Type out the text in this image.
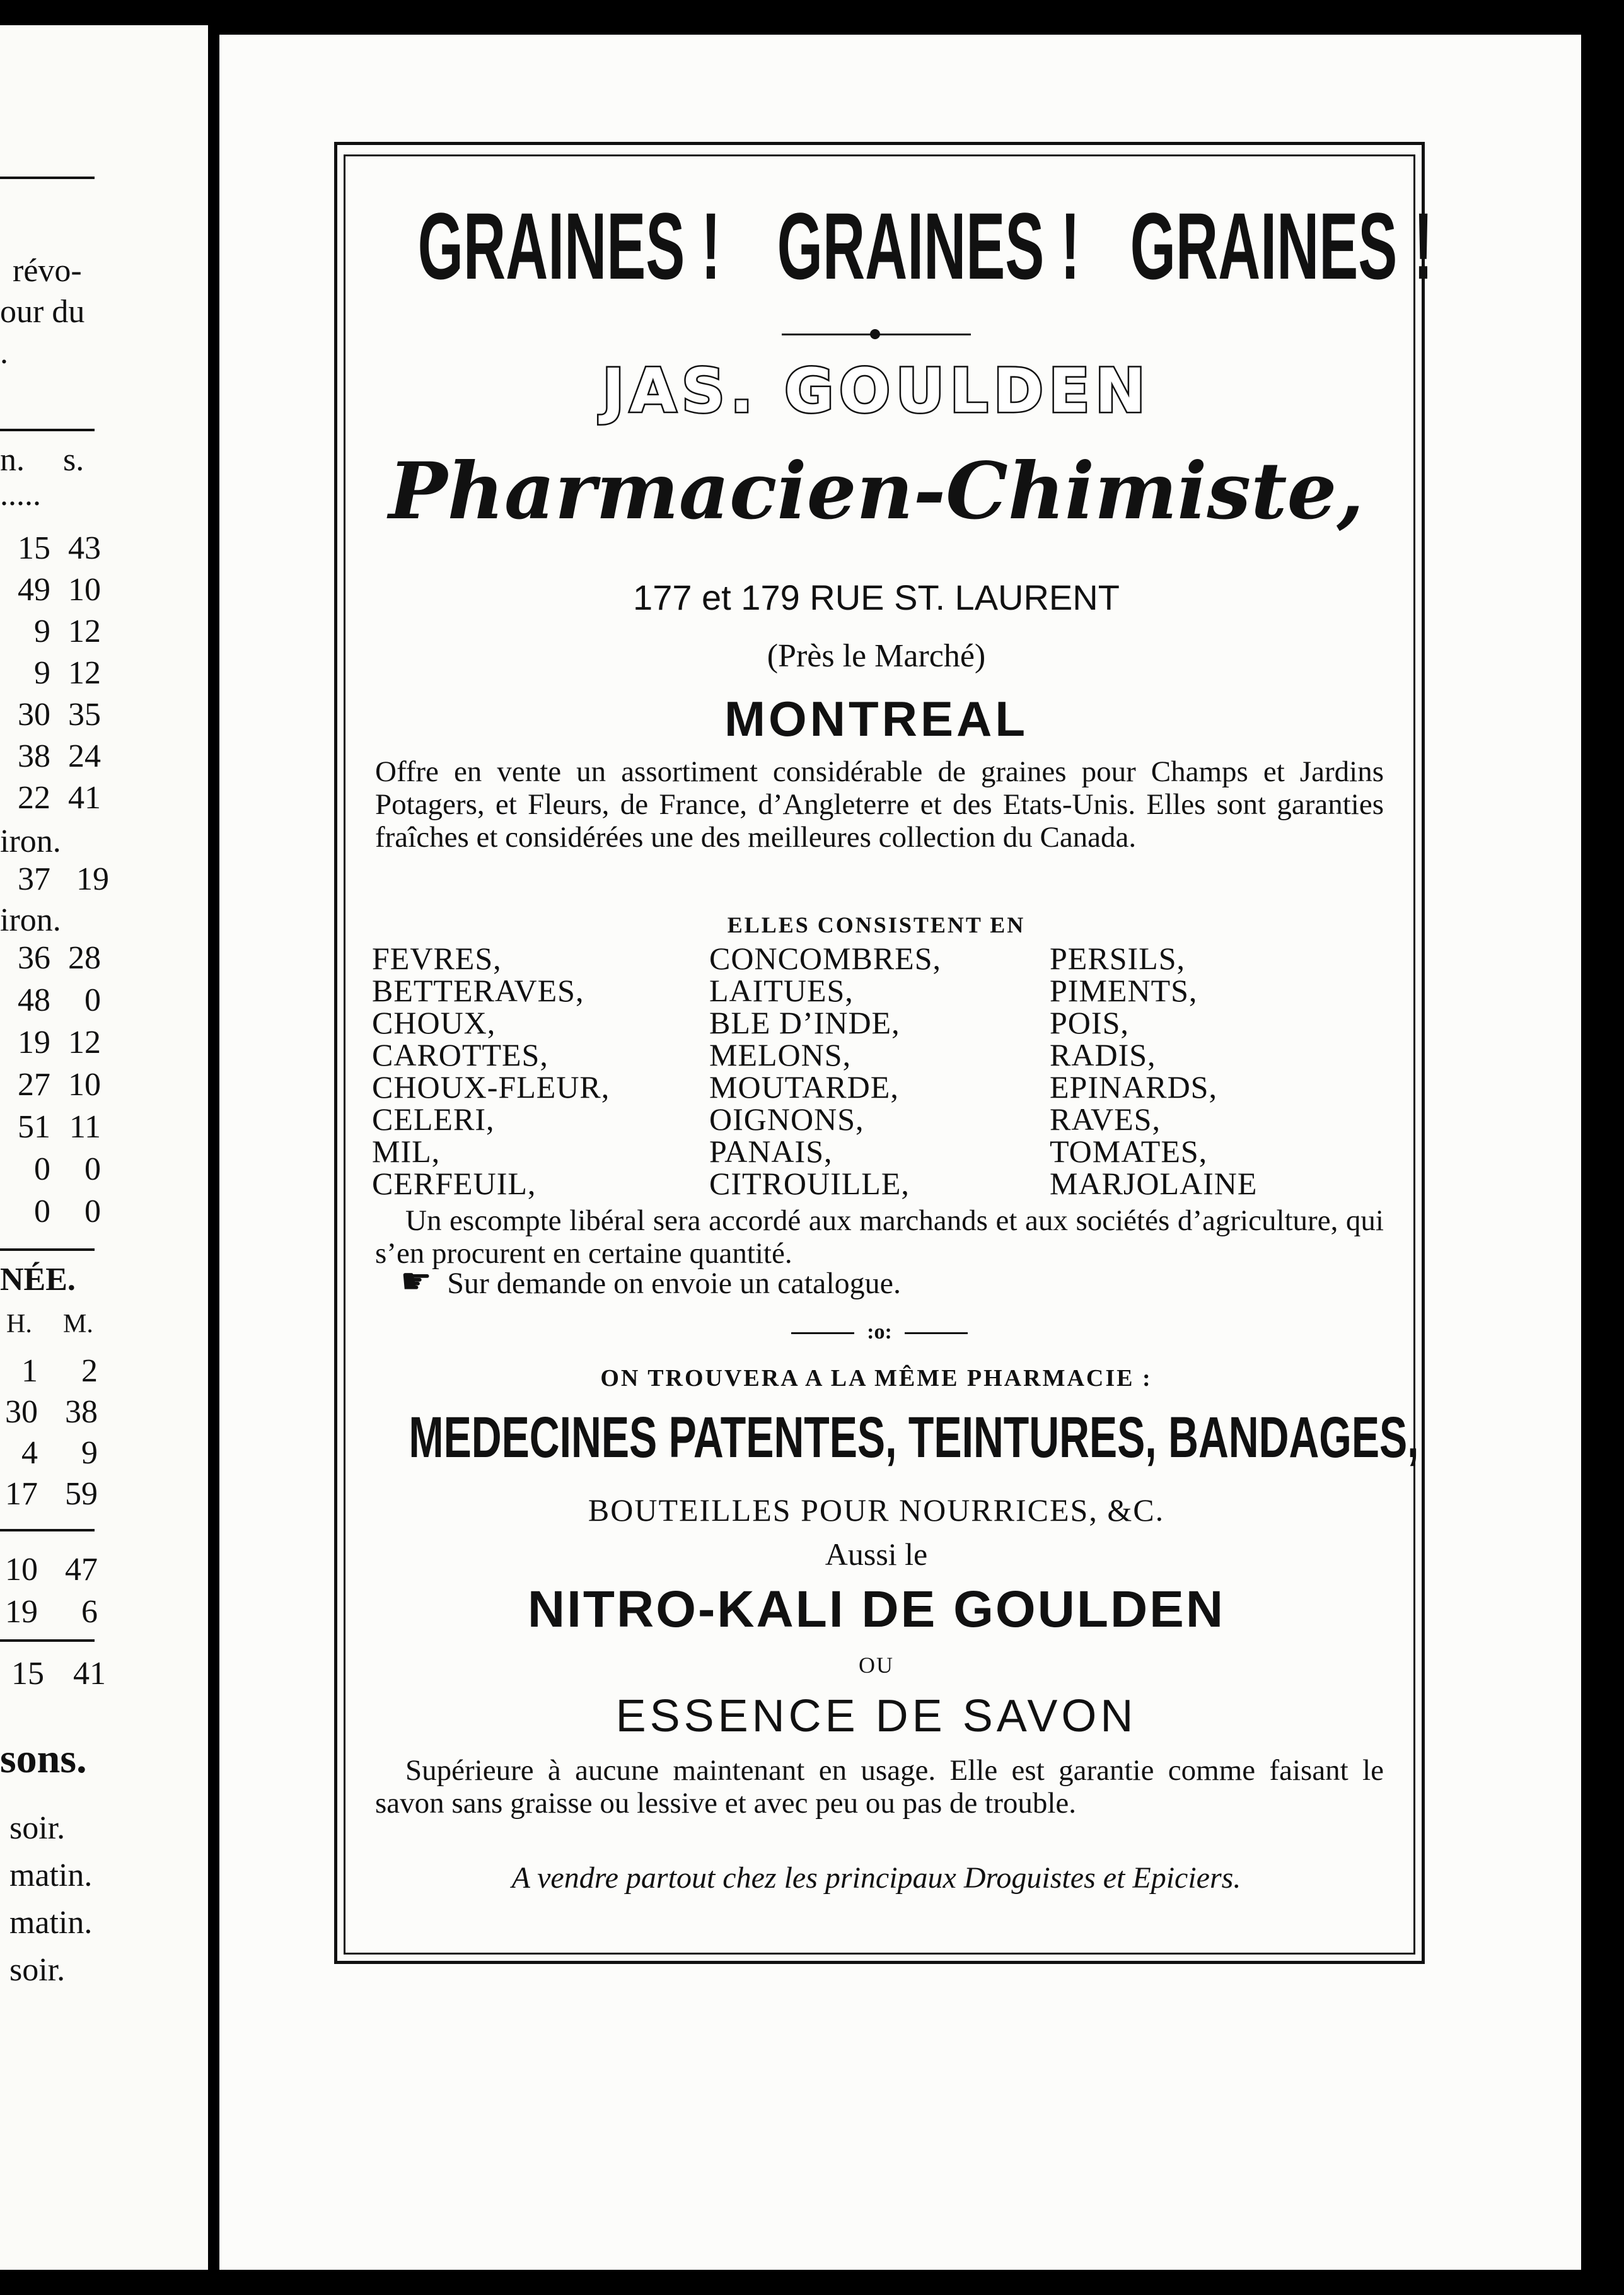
révo-
our du
.
n. s.
.....
15 43
49 10
9 12
9 12
30 35
38 24
22 41
iron.
37 19
iron.
36 28
48 0
19 12
27 10
51 11
0 0
0 0
NÉE.
H. M.
1 2
30 38
4 9
17 59
10 47
19 6
15 41
sons.
soir.
matin.
matin.
soir.
GRAINES ! GRAINES ! GRAINES !
JAS. GOULDEN
Pharmacien-Chimiste,
177 et 179 RUE ST. LAURENT
(Près le Marché)
MONTREAL
Offre en vente un assortiment considérable de graines pour Champs et Jardins Potagers, et Fleurs, de France, d’Angleterre et des Etats-Unis. Elles sont garanties fraîches et considérées une des meilleures collection du Canada.
ELLES CONSISTENT EN
FEVRES,
BETTERAVES,
CHOUX,
CAROTTES,
CHOUX-FLEUR,
CELERI,
MIL,
CERFEUIL,
CONCOMBRES,
LAITUES,
BLE D’INDE,
MELONS,
MOUTARDE,
OIGNONS,
PANAIS,
CITROUILLE,
PERSILS,
PIMENTS,
POIS,
RADIS,
EPINARDS,
RAVES,
TOMATES,
MARJOLAINE
Un escompte libéral sera accordé aux marchands et aux sociétés d’agriculture, qui s’en procurent en certaine quantité.
☛ Sur demande on envoie un catalogue.
:o:
ON TROUVERA A LA MÊME PHARMACIE :
MEDECINES PATENTES, TEINTURES, BANDAGES,
BOUTEILLES POUR NOURRICES, &C.
Aussi le
NITRO-KALI DE GOULDEN
OU
ESSENCE DE SAVON
Supérieure à aucune maintenant en usage. Elle est garantie comme faisant le savon sans graisse ou lessive et avec peu ou pas de trouble.
A vendre partout chez les principaux Droguistes et Epiciers.
